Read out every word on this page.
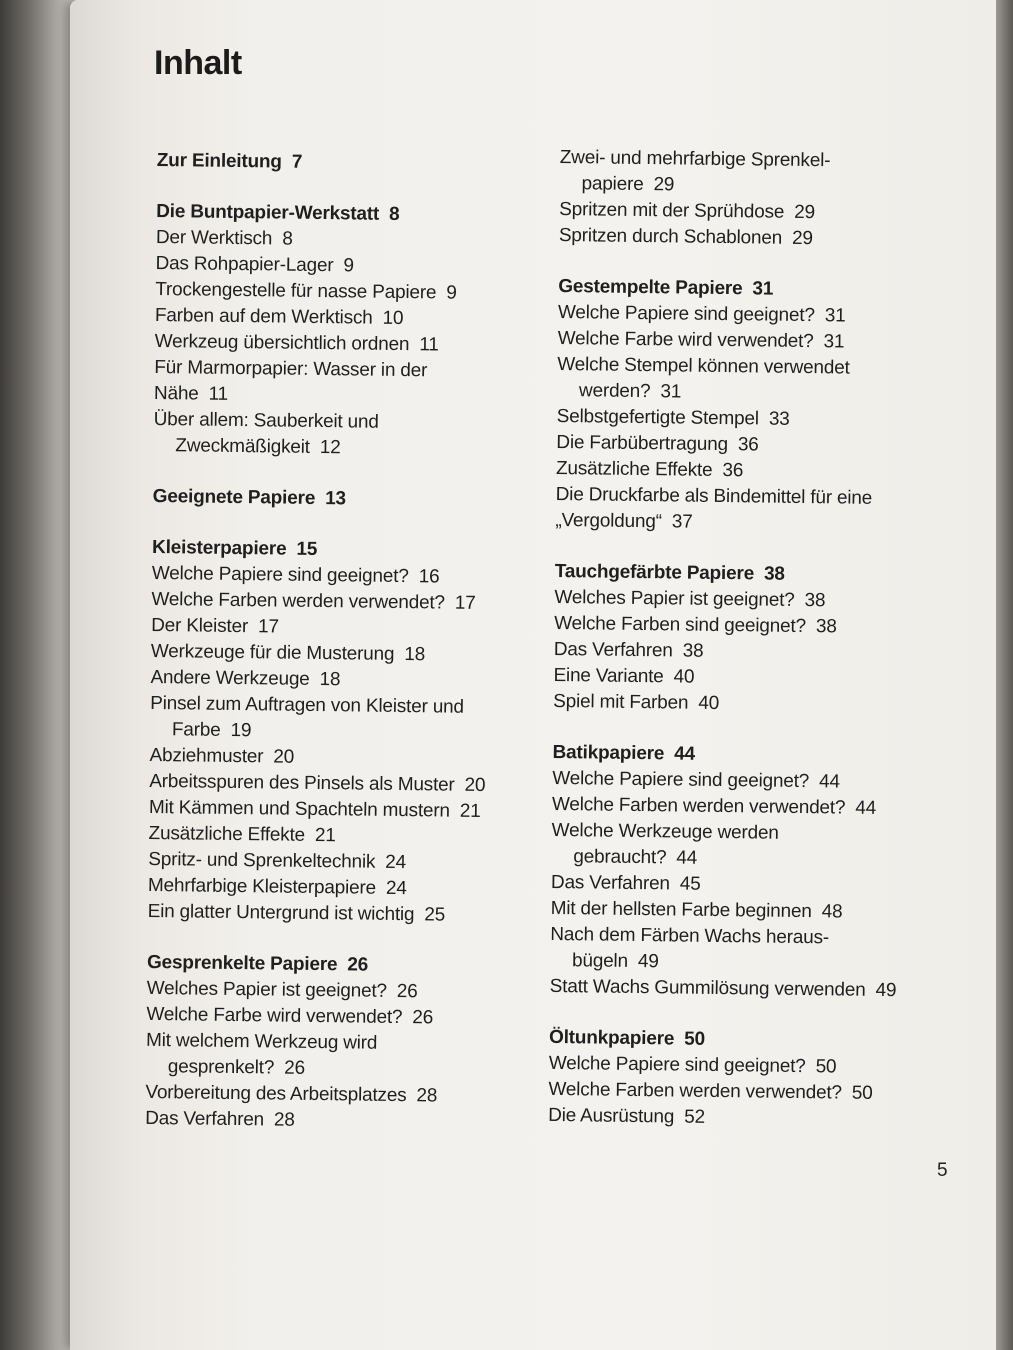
Inhalt
Zur Einleitung 7
Die Buntpapier-Werkstatt 8
Der Werktisch 8
Das Rohpapier-Lager 9
Trockengestelle für nasse Papiere 9
Farben auf dem Werktisch 10
Werkzeug übersichtlich ordnen 11
Für Marmorpapier: Wasser in der
Nähe 11
Über allem: Sauberkeit und
Zweckmäßigkeit 12
Geeignete Papiere 13
Kleisterpapiere 15
Welche Papiere sind geeignet? 16
Welche Farben werden verwendet? 17
Der Kleister 17
Werkzeuge für die Musterung 18
Andere Werkzeuge 18
Pinsel zum Auftragen von Kleister und
Farbe 19
Abziehmuster 20
Arbeitsspuren des Pinsels als Muster 20
Mit Kämmen und Spachteln mustern 21
Zusätzliche Effekte 21
Spritz- und Sprenkeltechnik 24
Mehrfarbige Kleisterpapiere 24
Ein glatter Untergrund ist wichtig 25
Gesprenkelte Papiere 26
Welches Papier ist geeignet? 26
Welche Farbe wird verwendet? 26
Mit welchem Werkzeug wird
gesprenkelt? 26
Vorbereitung des Arbeitsplatzes 28
Das Verfahren 28
Zwei- und mehrfarbige Sprenkel-
papiere 29
Spritzen mit der Sprühdose 29
Spritzen durch Schablonen 29
Gestempelte Papiere 31
Welche Papiere sind geeignet? 31
Welche Farbe wird verwendet? 31
Welche Stempel können verwendet
werden? 31
Selbstgefertigte Stempel 33
Die Farbübertragung 36
Zusätzliche Effekte 36
Die Druckfarbe als Bindemittel für eine
„Vergoldung“ 37
Tauchgefärbte Papiere 38
Welches Papier ist geeignet? 38
Welche Farben sind geeignet? 38
Das Verfahren 38
Eine Variante 40
Spiel mit Farben 40
Batikpapiere 44
Welche Papiere sind geeignet? 44
Welche Farben werden verwendet? 44
Welche Werkzeuge werden
gebraucht? 44
Das Verfahren 45
Mit der hellsten Farbe beginnen 48
Nach dem Färben Wachs heraus-
bügeln 49
Statt Wachs Gummilösung verwenden 49
Öltunkpapiere 50
Welche Papiere sind geeignet? 50
Welche Farben werden verwendet? 50
Die Ausrüstung 52
5
